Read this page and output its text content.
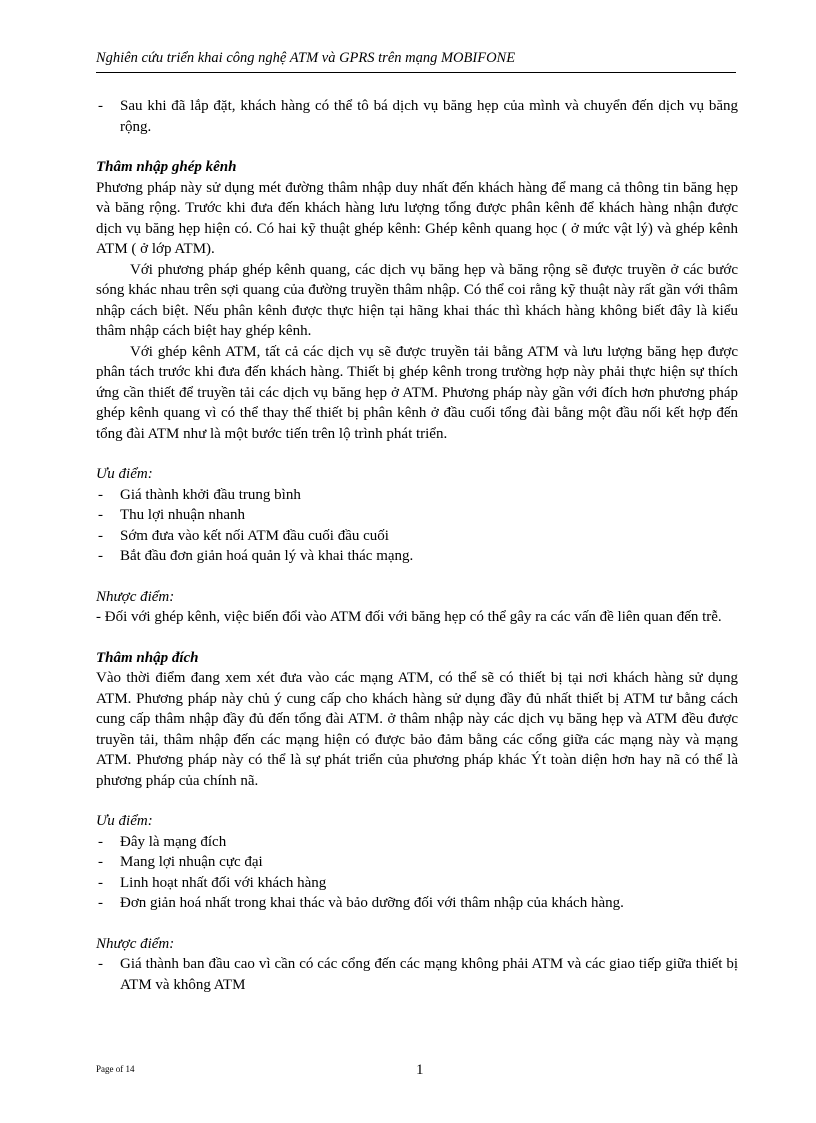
Nghiên cứu triển khai công nghệ ATM và GPRS trên mạng MOBIFONE
- Sau khi đã lắp đặt, khách hàng có thể tô bá dịch vụ băng hẹp của mình và chuyển đến dịch vụ băng rộng.

Thâm nhập ghép kênh

Phương pháp này sử dụng mét đường thâm nhập duy nhất đến khách hàng để mang cả thông tin băng hẹp và băng rộng. Trước khi đưa đến khách hàng lưu lượng tổng được phân kênh để khách hàng nhận được dịch vụ băng hẹp hiện có. Có hai kỹ thuật ghép kênh: Ghép kênh quang học ( ở mức vật lý) và ghép kênh ATM ( ở lớp ATM).

Với phương pháp ghép kênh quang, các dịch vụ băng hẹp và băng rộng sẽ được truyền ở các bước sóng khác nhau trên sợi quang của đường truyền thâm nhập. Có thể coi rằng kỹ thuật này rất gần với thâm nhập cách biệt. Nếu phân kênh được thực hiện tại hãng khai thác thì khách hàng không biết đây là kiểu thâm nhập cách biệt hay ghép kênh.

Với ghép kênh ATM, tất cả các dịch vụ sẽ được truyền tải bằng ATM và lưu lượng băng hẹp được phân tách trước khi đưa đến khách hàng. Thiết bị ghép kênh trong trường hợp này phải thực hiện sự thích ứng cần thiết để truyền tải các dịch vụ băng hẹp ở ATM. Phương pháp này gần với đích hơn phương pháp ghép kênh quang vì có thể thay thế thiết bị phân kênh ở đầu cuối tổng đài bằng một đầu nối kết hợp đến tổng đài ATM như là một bước tiến trên lộ trình phát triển.

Ưu điểm:

- Giá thành khởi đầu trung bình
- Thu lợi nhuận nhanh
- Sớm đưa vào kết nối ATM đầu cuối đầu cuối
- Bắt đầu đơn giản hoá quản lý và khai thác mạng.

Nhược điểm:

- Đối với ghép kênh, việc biến đổi vào ATM đối với băng hẹp có thể gây ra các vấn đề liên quan đến trễ.

Thâm nhập đích

Vào thời điểm đang xem xét đưa vào các mạng ATM, có thể sẽ có thiết bị tại nơi khách hàng sử dụng ATM. Phương pháp này chủ ý cung cấp cho khách hàng sử dụng đầy đủ nhất thiết bị ATM tư bằng cách cung cấp thâm nhập đầy đủ đến tổng đài ATM. ở thâm nhập này các dịch vụ băng hẹp và ATM đều được truyền tải, thâm nhập đến các mạng hiện có được bảo đảm bằng các cổng giữa các mạng này và mạng ATM. Phương pháp này có thể là sự phát triển của phương pháp khác Ýt toàn diện hơn hay nã có thể là phương pháp của chính nã.

Ưu điểm:

- Đây là mạng đích
- Mang lợi nhuận cực đại
- Linh hoạt nhất đối với khách hàng
- Đơn giản hoá nhất trong khai thác và bảo dưỡng đối với thâm nhập của khách hàng.

Nhược điểm:

- Giá thành ban đầu cao vì cần có các cổng đến các mạng không phải ATM và các giao tiếp giữa thiết bị ATM và không ATM
Page of 14	1
